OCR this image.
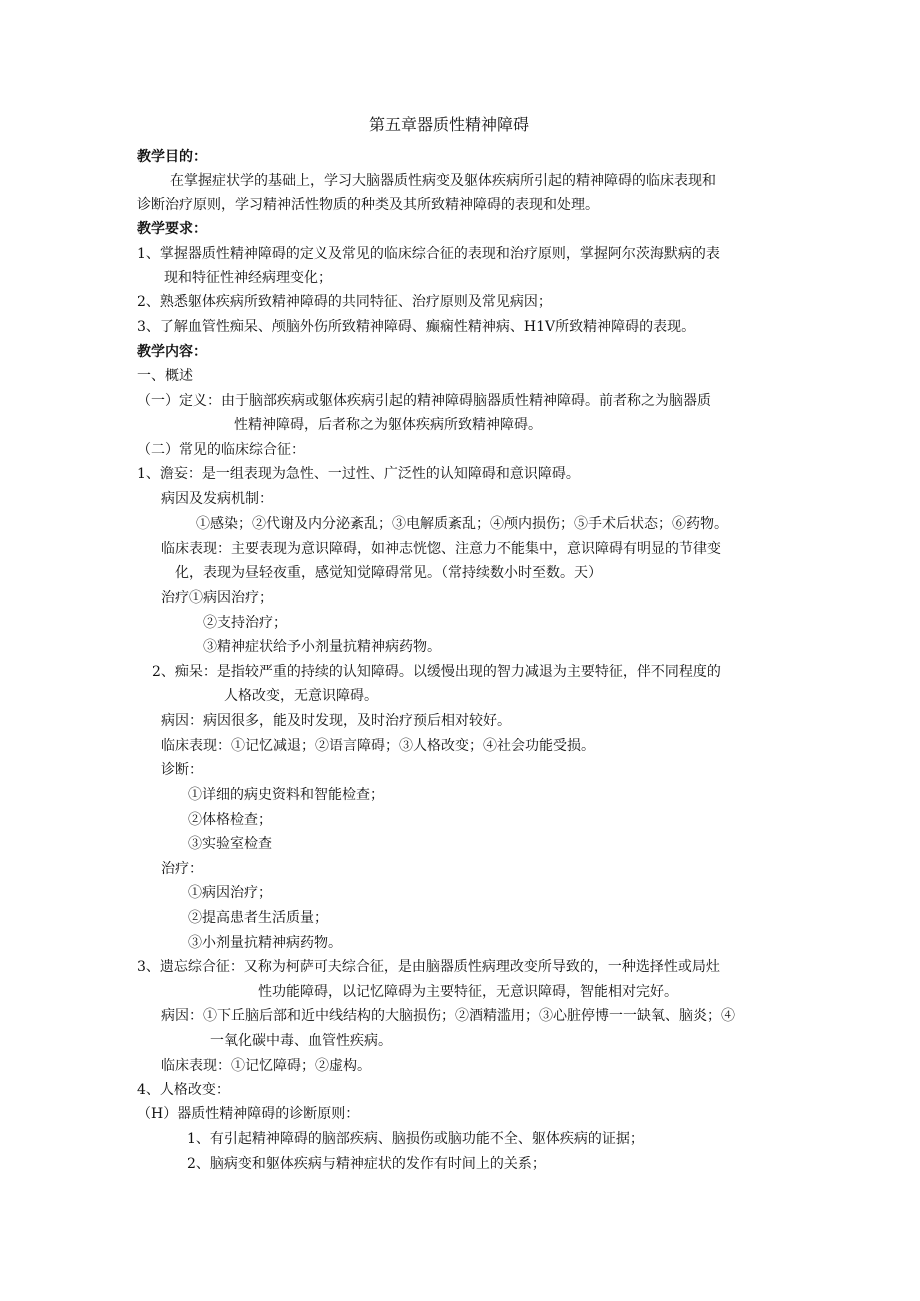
第五章器质性精神障碍
教学目的：
在掌握症状学的基础上，学习大脑器质性病变及躯体疾病所引起的精神障碍的临床表现和
诊断治疗原则，学习精神活性物质的种类及其所致精神障碍的表现和处理。
教学要求：
1、掌握器质性精神障碍的定义及常见的临床综合征的表现和治疗原则，掌握阿尔茨海默病的表
现和特征性神经病理变化；
2、熟悉躯体疾病所致精神障碍的共同特征、治疗原则及常见病因；
3、了解血管性痴呆、颅脑外伤所致精神障碍、癫痫性精神病、H1V所致精神障碍的表现。
教学内容：
一、概述
（一）定义：由于脑部疾病或躯体疾病引起的精神障碍脑器质性精神障碍。前者称之为脑器质
性精神障碍，后者称之为躯体疾病所致精神障碍。
（二）常见的临床综合征：
1、澹妄：是一组表现为急性、一过性、广泛性的认知障碍和意识障碍。
病因及发病机制：
①感染；②代谢及内分泌紊乱；③电解质紊乱；④颅内损伤；⑤手术后状态；⑥药物。
临床表现：主要表现为意识障碍，如神志恍惚、注意力不能集中，意识障碍有明显的节律变
化，表现为昼轻夜重，感觉知觉障碍常见。（常持续数小时至数。天）
治疗①病因治疗；
②支持治疗；
③精神症状给予小剂量抗精神病药物。
2、痴呆：是指较严重的持续的认知障碍。以缓慢出现的智力减退为主要特征，伴不同程度的
人格改变，无意识障碍。
病因：病因很多，能及时发现，及时治疗预后相对较好。
临床表现：①记忆减退；②语言障碍；③人格改变；④社会功能受损。
诊断：
①详细的病史资料和智能检查；
②体格检查；
③实验室检查
治疗：
①病因治疗；
②提高患者生活质量；
③小剂量抗精神病药物。
3、遗忘综合征：又称为柯萨可夫综合征，是由脑器质性病理改变所导致的，一种选择性或局灶
性功能障碍，以记忆障碍为主要特征，无意识障碍，智能相对完好。
病因：①下丘脑后部和近中线结构的大脑损伤；②酒精滥用；③心脏停博一一缺氧、脑炎；④
一氧化碳中毒、血管性疾病。
临床表现：①记忆障碍；②虚构。
4、人格改变：
（H）器质性精神障碍的诊断原则：
1、有引起精神障碍的脑部疾病、脑损伤或脑功能不全、躯体疾病的证据；
2、脑病变和躯体疾病与精神症状的发作有时间上的关系；
